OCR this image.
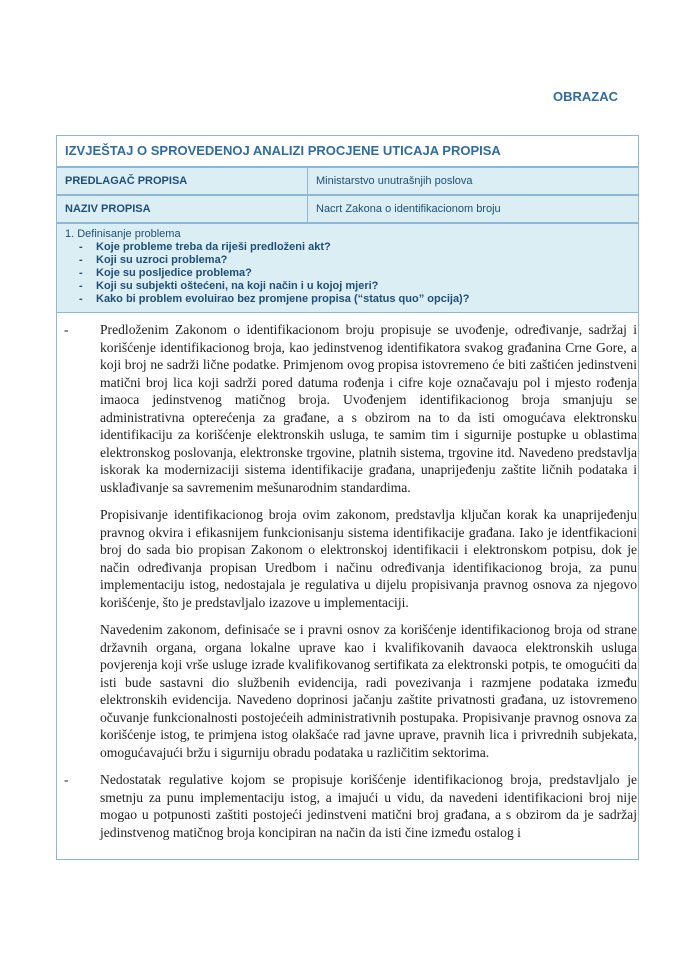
OBRAZAC
IZVJEŠTAJ O SPROVEDENOJ ANALIZI PROCJENE UTICAJA PROPISA
PREDLAGAČ PROPISA	Ministarstvo unutrašnjih poslova
NAZIV PROPISA	Nacrt Zakona o identifikacionom broju
1. Definisanje problema
- Koje probleme treba da riješi predloženi akt?
- Koji su uzroci problema?
- Koje su posljedice problema?
- Koji su subjekti oštećeni, na koji način i u kojoj mjeri?
- Kako bi problem evoluirao bez promjene propisa (“status quo” opcija)?

- Predloženim Zakonom o identifikacionom broju propisuje se uvođenje, određivanje, sadržaj i korišćenje identifikacionog broja, kao jedinstvenog identifikatora svakog građanina Crne Gore, a koji broj ne sadrži lične podatke. Primjenom ovog propisa istovremeno će biti zaštićen jedinstveni matični broj lica koji sadrži pored datuma rođenja i cifre koje označavaju pol i mjesto rođenja imaoca jedinstvenog matičnog broja. Uvođenjem identifikacionog broja smanjuju se administrativna opterećenja za građane, a s obzirom na to da isti omogućava elektronsku identifikaciju za korišćenje elektronskih usluga, te samim tim i sigurnije postupke u oblastima elektronskog poslovanja, elektronske trgovine, platnih sistema, trgovine itd. Navedeno predstavlja iskorak ka modernizaciji sistema identifikacije građana, unaprijeđenju zaštite ličnih podataka i usklađivanje sa savremenim mešunarodnim standardima.

Propisivanje identifikacionog broja ovim zakonom, predstavlja ključan korak ka unaprijeđenju pravnog okvira i efikasnijem funkcionisanju sistema identifikacije građana. Iako je identfikacioni broj do sada bio propisan Zakonom o elektronskoj identifikacii i elektronskom potpisu, dok je način određivanja propisan Uredbom i načinu određivanja identifikacionog broja, za punu implementaciju istog, nedostajala je regulativa u dijelu propisivanja pravnog osnova za njegovo korišćenje, što je predstavljalo izazove u implementaciji.

Navedenim zakonom, definisaće se i pravni osnov za korišćenje identifikacionog broja od strane državnih organa, organa lokalne uprave kao i kvalifikovanih davaoca elektronskih usluga povjerenja koji vrše usluge izrade kvalifikovanog sertifikata za elektronski potpis, te omogućiti da isti bude sastavni dio službenih evidencija, radi povezivanja i razmjene podataka između elektronskih evidencija. Navedeno doprinosi jačanju zaštite privatnosti građana, uz istovremeno očuvanje funkcionalnosti postojećeih administrativnih postupaka. Propisivanje pravnog osnova za korišćenje istog, te primjena istog olakšaće rad javne uprave, pravnih lica i privrednih subjekata, omogućavajući bržu i sigurniju obradu podataka u različitim sektorima.

- Nedostatak regulative kojom se propisuje korišćenje identifikacionog broja, predstavljalo je smetnju za punu implementaciju istog, a imajući u vidu, da navedeni identifikacioni broj nije mogao u potpunosti zaštiti postojeći jedinstveni matični broj građana, a s obzirom da je sadržaj jedinstvenog matičnog broja koncipiran na način da isti čine između ostalog i
